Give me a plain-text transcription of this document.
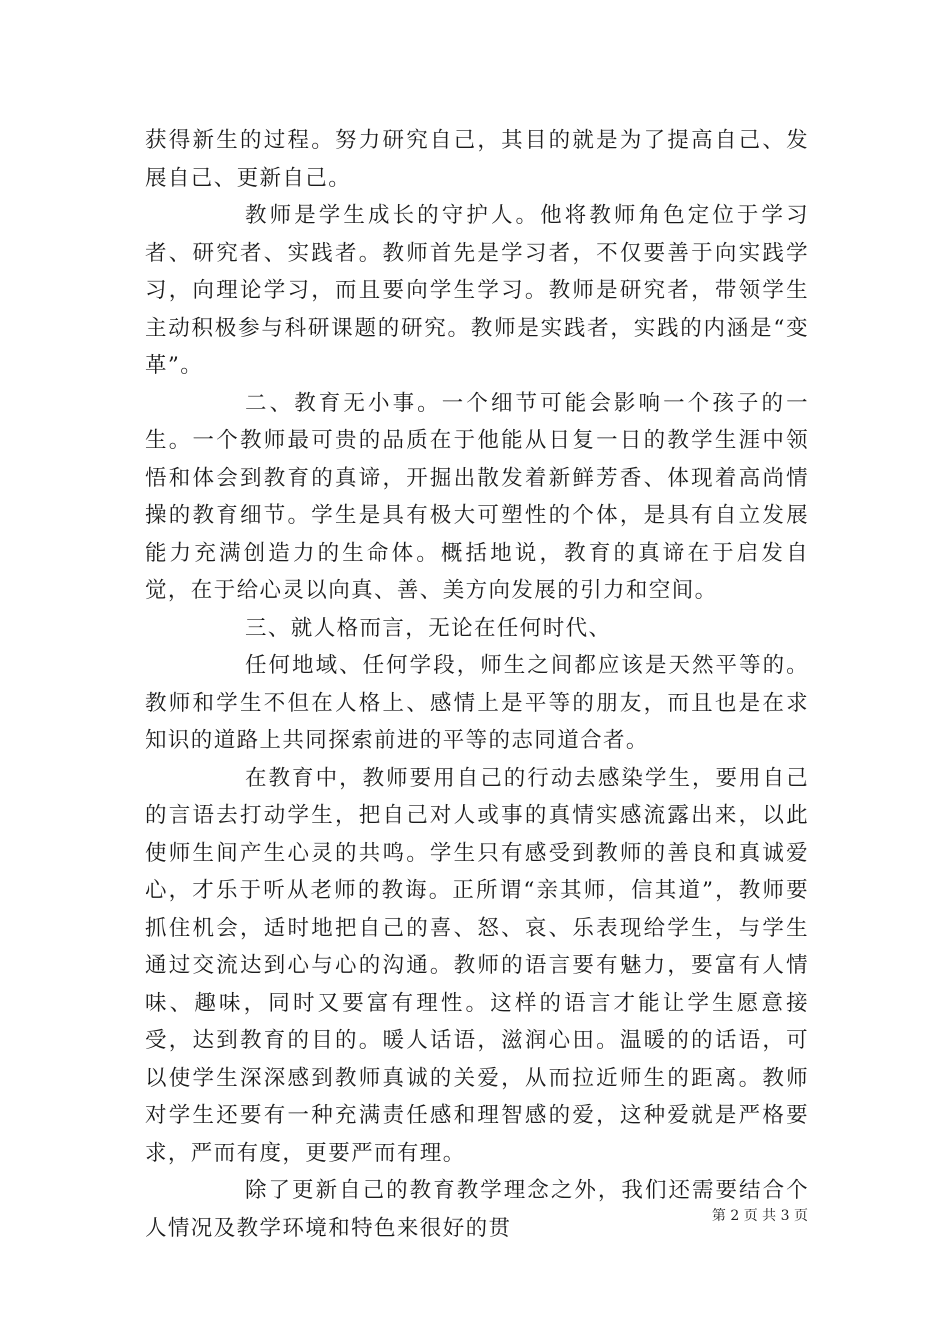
获得新生的过程。努力研究自己，其目的就是为了提高自己、发展自己、更新自己。

教师是学生成长的守护人。他将教师角色定位于学习者、研究者、实践者。教师首先是学习者，不仅要善于向实践学习，向理论学习，而且要向学生学习。教师是研究者，带领学生主动积极参与科研课题的研究。教师是实践者，实践的内涵是“变革”。

二、教育无小事。一个细节可能会影响一个孩子的一生。一个教师最可贵的品质在于他能从日复一日的教学生涯中领悟和体会到教育的真谛，开掘出散发着新鲜芳香、体现着高尚情操的教育细节。学生是具有极大可塑性的个体，是具有自立发展能力充满创造力的生命体。概括地说，教育的真谛在于启发自觉，在于给心灵以向真、善、美方向发展的引力和空间。

三、就人格而言，无论在任何时代、

任何地域、任何学段，师生之间都应该是天然平等的。教师和学生不但在人格上、感情上是平等的朋友，而且也是在求知识的道路上共同探索前进的平等的志同道合者。

在教育中，教师要用自己的行动去感染学生，要用自己的言语去打动学生，把自己对人或事的真情实感流露出来，以此使师生间产生心灵的共鸣。学生只有感受到教师的善良和真诚爱心，才乐于听从老师的教诲。正所谓“亲其师，信其道”，教师要抓住机会，适时地把自己的喜、怒、哀、乐表现给学生，与学生通过交流达到心与心的沟通。教师的语言要有魅力，要富有人情味、趣味，同时又要富有理性。这样的语言才能让学生愿意接受，达到教育的目的。暖人话语，滋润心田。温暖的的话语，可以使学生深深感到教师真诚的关爱，从而拉近师生的距离。教师对学生还要有一种充满责任感和理智感的爱，这种爱就是严格要求，严而有度，更要严而有理。

除了更新自己的教育教学理念之外，我们还需要结合个人情况及教学环境和特色来很好的贯	第 2 页 共 3 页
